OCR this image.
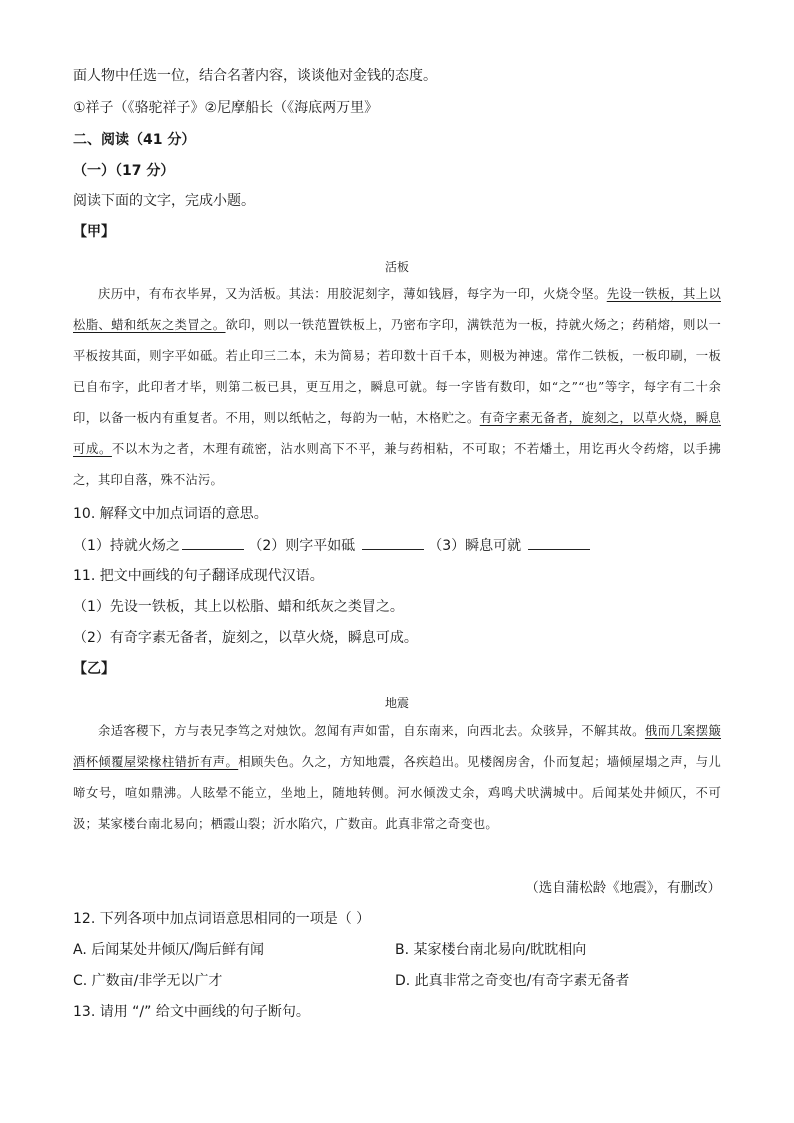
面人物中任选一位，结合名著内容，谈谈他对金钱的态度。
①祥子（《骆驼祥子》②尼摩船长（《海底两万里》
二、阅读（41 分）
（一）（17 分）
阅读下面的文字，完成小题。
【甲】
活板
庆历中，有布衣毕昇，又为活板。其法：用胶泥刻字，薄如钱唇，每字为一印，火烧令坚。先设一铁板，其上以松脂、蜡和纸灰之类冒之。欲印，则以一铁范置铁板上，乃密布字印，满铁范为一板，持就火炀之；药稍熔，则以一平板按其面，则字平如砥。若止印三二本，未为简易；若印数十百千本，则极为神速。常作二铁板，一板印刷，一板已自布字，此印者才毕，则第二板已具，更互用之，瞬息可就。每一字皆有数印，如“之”“也”等字，每字有二十余印，以备一板内有重复者。不用，则以纸帖之，每韵为一帖，木格贮之。有奇字素无备者，旋刻之，以草火烧，瞬息可成。不以木为之者，木理有疏密，沾水则高下不平，兼与药相粘，不可取；不若燔土，用讫再火令药熔，以手拂之，其印自落，殊不沾污。
10. 解释文中加点词语的意思。
（1）持就火炀之	（2）则字平如砥	（3）瞬息可就
11. 把文中画线的句子翻译成现代汉语。
（1）先设一铁板，其上以松脂、蜡和纸灰之类冒之。
（2）有奇字素无备者，旋刻之，以草火烧，瞬息可成。
【乙】
地震
余适客稷下，方与表兄李笃之对烛饮。忽闻有声如雷，自东南来，向西北去。众骇异，不解其故。俄而几案摆簸酒杯倾覆屋梁椽柱错折有声。相顾失色。久之，方知地震，各疾趋出。见楼阁房舍，仆而复起；墙倾屋塌之声，与儿啼女号，喧如鼎沸。人眩晕不能立，坐地上，随地转侧。河水倾泼丈余，鸡鸣犬吠满城中。后闻某处井倾仄，不可汲；某家楼台南北易向；栖霞山裂；沂水陷穴，广数亩。此真非常之奇变也。
（选自蒲松龄《地震》，有删改）
12. 下列各项中加点词语意思相同的一项是（ ）
A. 后闻某处井倾仄/陶后鲜有闻	B. 某家楼台南北易向/眈眈相向
C. 广数亩/非学无以广才	D. 此真非常之奇变也/有奇字素无备者
13. 请用 “/” 给文中画线的句子断句。
